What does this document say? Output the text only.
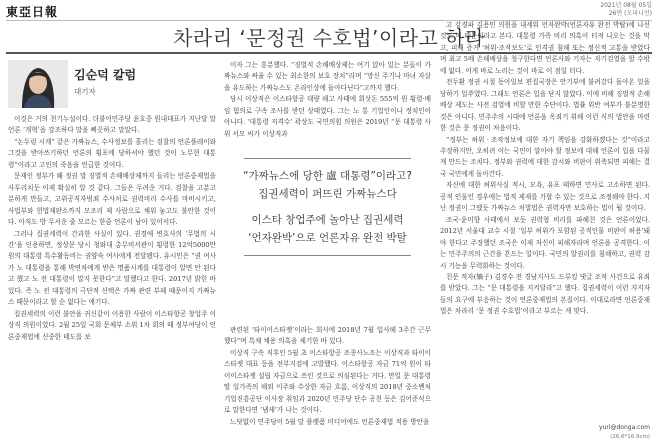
東亞日報	2021년 08월 05일
26면 (오피니언)
차라리 ‘문정권 수호법’이라고 하라
김순덕 칼럼
대기자

이것은 거의 천기누설이다. 더불어민주당 윤호중 원내대표가 지난달 말 언론 ‘개혁’을 강조하다 말을 삐끗하고 말았다.

“논두렁 시계” 같은 가짜뉴스, 수사정보를 흘리는 검찰의 언론플레이와 그것을 받아쓰기하던 언론의 횡포에 당하셔야 했던 것이 노무현 대통령”이라고 고인의 죽음을 언급한 것이다.

문재인 정부가 왜 정권 말 징벌적 손해배상제까지 들리는 언론중재법을 사투리치듯 이제 확실히 알 것 같다. 그들은 두려운 거다. 검찰을 고분고분하게 만들고, 고위공직자범죄 수사처로 권력비리 수사를 마비시키고, 사법부와 헌법재판소까지 모조리 제 사람으로 채워 놓고도 불안한 것이다. 아직도 방 무서운 줄 모르는 한줌 언론이 남아 있어서다.

그러나 집권세력이 간과한 사실이 있다. 권경애 변호사의 ‘무법의 시간’을 인용하면, 정상문 당시 청와대 총무비서관이 횡령한 12억5000만 원의 대통령 특수활동비는 권양숙 여사에게 전달됐다. 유시민은 “권 여사가 노 대통령을 통해 박연차에게 받은 명품시계를 대통령이 알면 안 된다고 했고 노 전 대통령이 말지 못한다”고 말했다고 한다. 2017년 밝힌 바 있다. 즉 노 전 대통령의 극단적 선택은 가짜 관련 부패 때문이지 가짜뉴스 때문이라고 할 순 없다는 얘기다.

집권세력의 이런 불안을 귀신같이 이용한 사람이 이스타항공 창업주 이상직 의원이었다. 2월 25일 국회 문체부 소위 1차 회의 때 정부여당이 언론중재법에 신중한 태도를 보

이자 그는 흥분했다. “징벌적 손해배상제는 여기 앉아 있는 분들이 가짜뉴스와 싸울 수 있는 최소한의 보호 장치”라며 “망신 주기나 마녀 자살을 유도하는 가짜뉴스도 온라인상에 돌아다닌다”고까지 했다.

당시 이상직은 이스타항공 대량 해고 사태에 회삿돈 555억 원 횡령·배임 혐의로 구속 조사를 받던 상태였다. 그는 노 통 기업인이나 정치인이 아니다. ‘대통령 저격수’ 곽상도 국민의힘 의원은 2019년 “문 대통령 사위 서모 씨가 이상직과

“가짜뉴스에 당한 盧 대통령”이라고?
집권세력이 퍼뜨린 가짜뉴스다
이스타 창업주에 놀아난 집권세력
‘언자완박’으로 언론자유 완전 박탈

관련된 ‘타이이스타젯’이라는 회사에 2018년 7월 입사해 3주간 근무했다”며 특채 채용 의혹을 제기한 바 있다.

이상직 구속 직후인 5월 초 이스타항공 조종사노조는 이상직과 타이이스타젯 대표 등을 전부지검에 고발했다. 이스타항공 자금 71억 원이 타이이스타젯 설립 자금으로 쓰인 것으로 의심된다는 거다. 만일 문 대통령 딸 일가족의 해외 이주와 수상한 자금 흐름, 이상직의 2018년 중소벤처기업진흥공단 이사장 취임과 2020년 민주당 단수 공천 등은 김어준식으로 말한다면 ‘냄새’가 나는 것이다.

느닷없이 민주당이 5월 말 플랫폼 미디어에도 언론중재법 적용 방안을

고 강경파 김용민 의원을 내세워 언자완박(언론자유 완전 박탈)에 나선 것도 이 때문이라고 본다. 대통령 가족 비리 의혹이 터져 나오는 것을 막고, 피해 증거 ‘허위·조작보도’로 인격권 침해 또는 정신적 고통을 받았다며 최고 5배 손해배상을 청구한다면 언론사와 기자는 자기검열을 할 수밖에 없다. 이게 바로 노리는 것이 바로 이 점일 터다.

전두환 정권 시절 동아일보 편집국장은 안기부에 불려갔다 돌아온 일을 당하기 일쑤였다. 그래도 언론은 입을 닫지 않았다. 이에 비해 징벌적 손해배상 제도는 사전 검열에 비할 만한 수단이다. 법률 위반 여부가 불분명한 것은 아니다. 민주주의 시대에 언론을 옥죄기 위해 이런 식의 법안을 마련한 것은 문 정권이 처음이다.

“정부는 허위‧조작정보에 대한 자기 책임을 강화하겠다는 것”이라고 주장하지만, 오히려 이는 국민이 알아야 할 정보에 대해 언론이 입을 다물게 만드는 조치다. 정부와 권력에 대한 감시와 비판이 위축되면 피해는 결국 국민에게 돌아간다.

자신에 대한 허위사실 적시, 모욕, 유포 태하면 민사로 고소하면 된다. 공적 인물인 경우에는 법적 제재를 가할 수 있는 것으로 조정해야 한다. 지난 정권이 그랬듯 가짜뉴스 처벌법은 권력자만 보호하는 법이 될 것이다.

조국·윤미향 사태에서 보듯 권력형 비리를 파헤친 것은 언론이었다. 2012년 서울대 교수 시절 ‘일부 허위가 포함된 공적인물 비판이 허용’돼야 한다고 주장했던 조국은 이제 자신이 피해자라며 언론을 공격한다. 이는 민주주의의 근간을 흔드는 일이다. 국민의 알권리를 침해하고, 권력 감시 기능을 무력화하는 것이다.

친문 적자(嫡子) 김경수 전 경남지사도 드루킹 댓글 조작 사건으로 유죄를 받았다. 그는 “문 대통령을 지켜달라”고 했다. 집권세력이 이런 지지자들의 요구에 부응하는 것이 언론중재법의 본질이다. 이대로라면 언론중재법은 차라리 ‘문 정권 수호법’이라고 부르는 게 맞다.

yuri@donga.com
(26.6*16.9cm)
